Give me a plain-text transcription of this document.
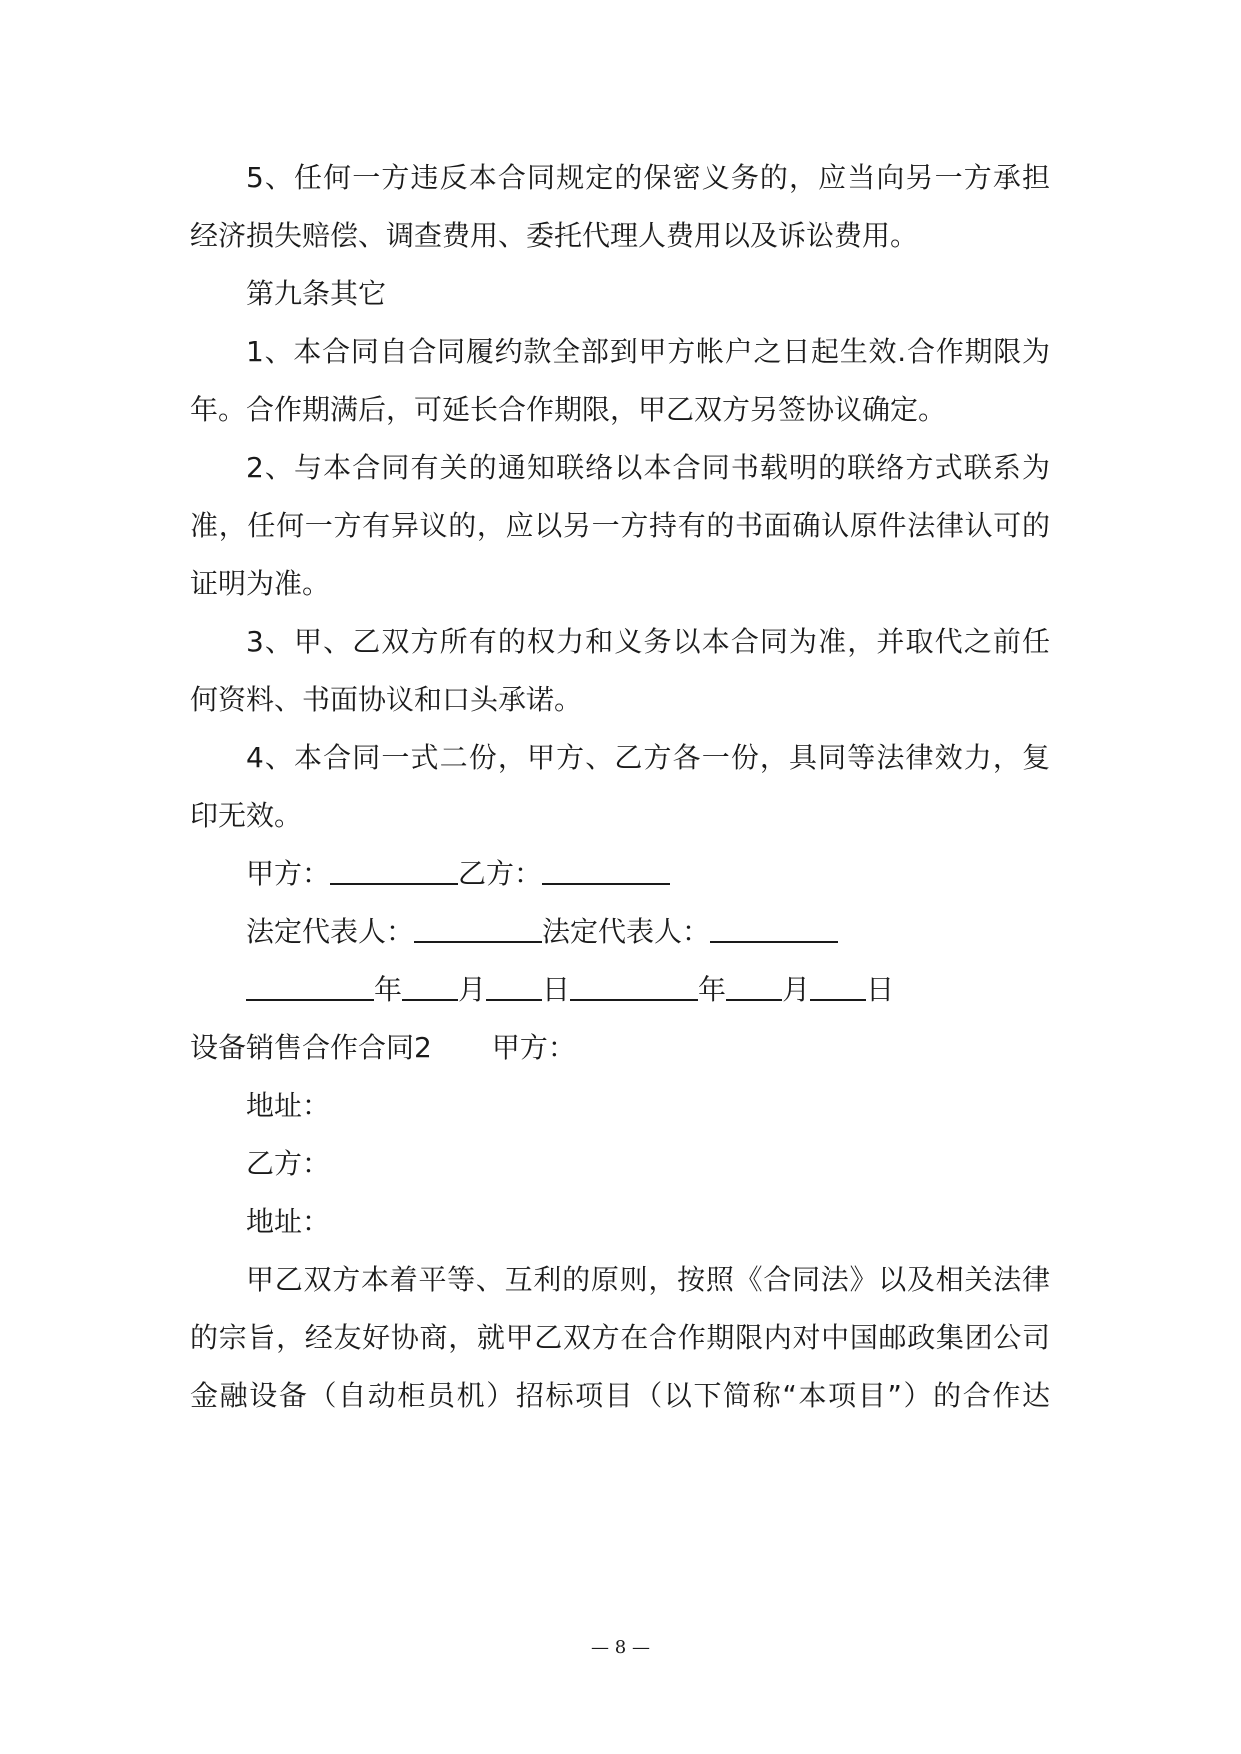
5、任何一方违反本合同规定的保密义务的，应当向另一方承担
经济损失赔偿、调查费用、委托代理人费用以及诉讼费用。
第九条其它
1、本合同自合同履约款全部到甲方帐户之日起生效.合作期限为
年。合作期满后，可延长合作期限，甲乙双方另签协议确定。
2、与本合同有关的通知联络以本合同书载明的联络方式联系为
准，任何一方有异议的，应以另一方持有的书面确认原件法律认可的
证明为准。
3、甲、乙双方所有的权力和义务以本合同为准，并取代之前任
何资料、书面协议和口头承诺。
4、本合同一式二份，甲方、乙方各一份，具同等法律效力，复
印无效。
甲方：	乙方：
法定代表人：	法定代表人：
年 月 日	年 月 日
设备销售合作合同2 甲方：
地址：
乙方：
地址：
甲乙双方本着平等、互利的原则，按照《合同法》以及相关法律
的宗旨，经友好协商，就甲乙双方在合作期限内对中国邮政集团公司
金融设备（自动柜员机）招标项目（以下简称“本项目”）的合作达
— 8 —
